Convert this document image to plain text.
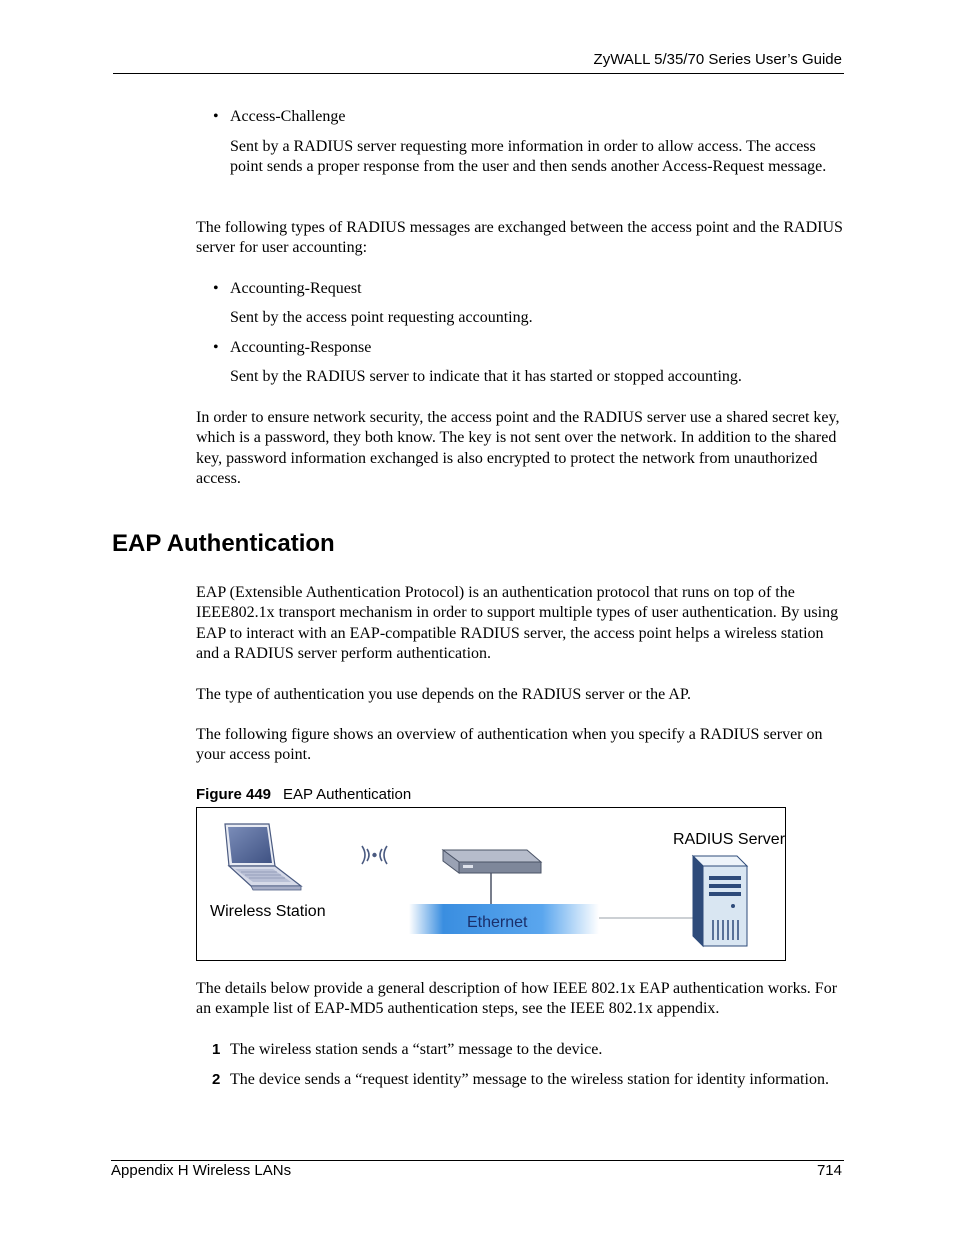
ZyWALL 5/35/70 Series User’s Guide
• Access-Challenge

Sent by a RADIUS server requesting more information in order to allow access. The access point sends a proper response from the user and then sends another Access-Request message.

The following types of RADIUS messages are exchanged between the access point and the RADIUS server for user accounting:

• Accounting-Request

Sent by the access point requesting accounting.

• Accounting-Response

Sent by the RADIUS server to indicate that it has started or stopped accounting.

In order to ensure network security, the access point and the RADIUS server use a shared secret key, which is a password, they both know. The key is not sent over the network. In addition to the shared key, password information exchanged is also encrypted to protect the network from unauthorized access.

EAP Authentication

EAP (Extensible Authentication Protocol) is an authentication protocol that runs on top of the IEEE802.1x transport mechanism in order to support multiple types of user authentication. By using EAP to interact with an EAP-compatible RADIUS server, the access point helps a wireless station and a RADIUS server perform authentication.

The type of authentication you use depends on the RADIUS server or the AP.

The following figure shows an overview of authentication when you specify a RADIUS server on your access point.

Figure 449 EAP Authentication
Wireless Station
Ethernet
RADIUS Server

The details below provide a general description of how IEEE 802.1x EAP authentication works. For an example list of EAP-MD5 authentication steps, see the IEEE 802.1x appendix.

1 The wireless station sends a “start” message to the device.
2 The device sends a “request identity” message to the wireless station for identity information.
Appendix H Wireless LANs	714
